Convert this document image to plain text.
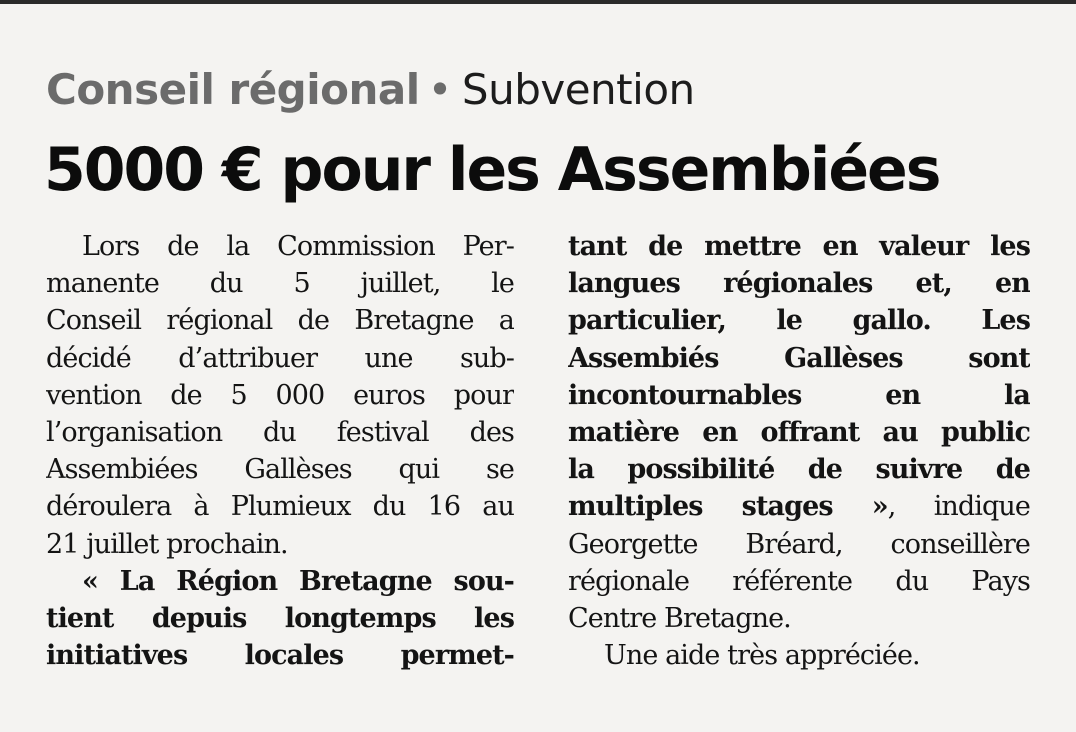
Conseil régional • Subvention
5000 € pour les Assembiées
Lors de la Commission Per-
manente du 5 juillet, le
Conseil régional de Bretagne a
décidé d’attribuer une sub-
vention de 5 000 euros pour
l’organisation du festival des
Assembiées Gallèses qui se
déroulera à Plumieux du 16 au
21 juillet prochain.
« La Région Bretagne sou-
tient depuis longtemps les
initiatives locales permet-
tant de mettre en valeur les
langues régionales et, en
particulier, le gallo. Les
Assembiés Gallèses sont
incontournables en la
matière en offrant au public
la possibilité de suivre de
multiples stages », indique
Georgette Bréard, conseillère
régionale référente du Pays
Centre Bretagne.
Une aide très appréciée.
